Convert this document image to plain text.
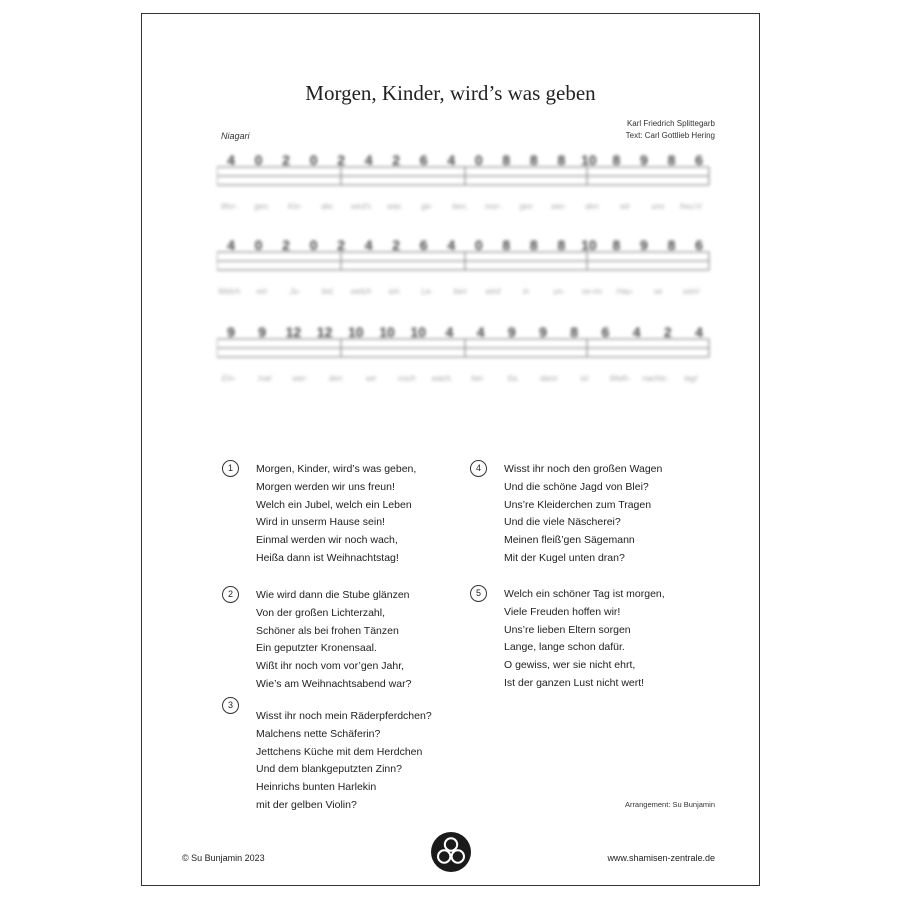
Morgen, Kinder, wird’s was geben
Karl Friedrich Splittegarb
Text: Carl Gottlieb Hering
Niagari
4 0 2 0 2 4 2 6 4 0 8 8 8 10 8 9 8 6
Mor- gen, Kin- der, wird's was	ge- ben, mor- gen wer- den	wir	uns freu'n!
4 0 2 0 2 4 2 6 4 0 8 8 8 10 8 9 8 6
Welch ein	Ju-	bel, welch ein	Le-	ben wird	in	un- se-rm Hau-	se	sein!
9 9 12 12 10 10 10 4 4 9 9 8 6 4 2 4
Ein-	mal	wer-	den	wir	noch wach, hei-	ßa,	dann	ist	Weih- nachts- tag!
1	Morgen, Kinder, wird’s was geben,
Morgen werden wir uns freun!
Welch ein Jubel, welch ein Leben
Wird in unserm Hause sein!
Einmal werden wir noch wach,
Heißa dann ist Weihnachtstag!
2	Wie wird dann die Stube glänzen
Von der großen Lichterzahl,
Schöner als bei frohen Tänzen
Ein geputzter Kronensaal.
Wißt ihr noch vom vor’gen Jahr,
Wie’s am Weihnachtsabend war?
3
Wisst ihr noch mein Räderpferdchen?
Malchens nette Schäferin?
Jettchens Küche mit dem Herdchen
Und dem blankgeputzten Zinn?
Heinrichs bunten Harlekin
mit der gelben Violin?
4	Wisst ihr noch den großen Wagen
Und die schöne Jagd von Blei?
Uns’re Kleiderchen zum Tragen
Und die viele Näscherei?
Meinen fleiß’gen Sägemann
Mit der Kugel unten dran?
5	Welch ein schöner Tag ist morgen,
Viele Freuden hoffen wir!
Uns’re lieben Eltern sorgen
Lange, lange schon dafür.
O gewiss, wer sie nicht ehrt,
Ist der ganzen Lust nicht wert!
Arrangement: Su Bunjamin
© Su Bunjamin 2023	www.shamisen-zentrale.de
